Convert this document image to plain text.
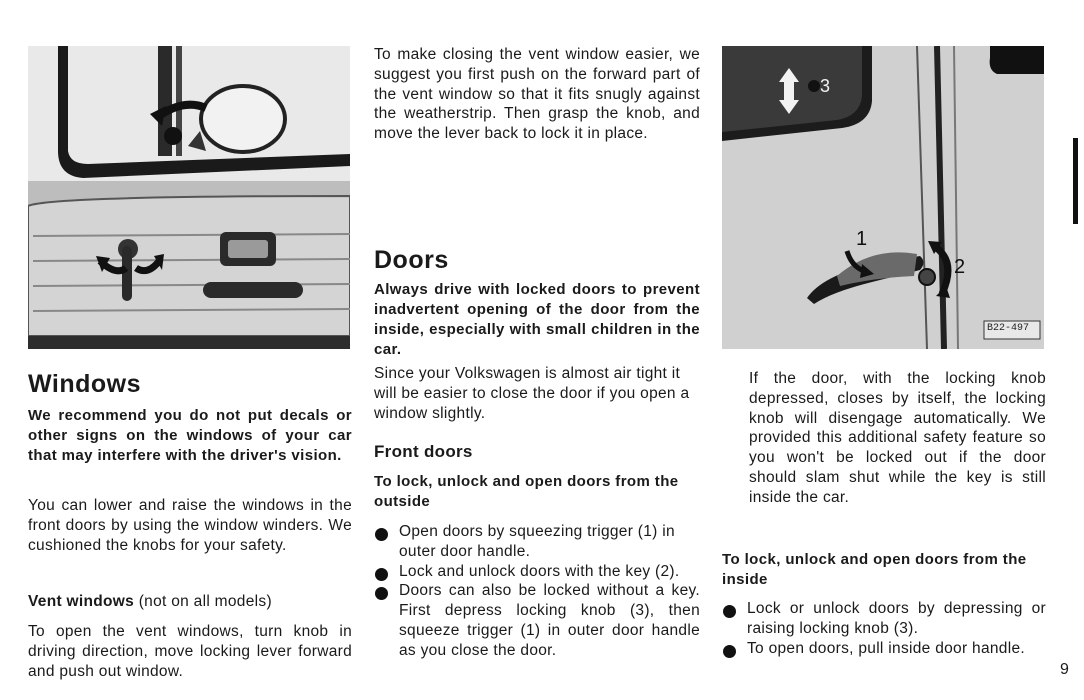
Windows
We recommend you do not put decals or other signs on the windows of your car that may interfere with the driver's vision.
You can lower and raise the windows in the front doors by using the window winders. We cushioned the knobs for your safety.
Vent windows (not on all models)
To open the vent windows, turn knob in driving direction, move locking lever forward and push out window.
To make closing the vent window easier, we suggest you first push on the forward part of the vent window so that it fits snugly against the weatherstrip. Then grasp the knob, and move the lever back to lock it in place.
Doors
Always drive with locked doors to prevent inadvertent opening of the door from the inside, especially with small children in the car.
Since your Volkswagen is almost air tight it will be easier to close the door if you open a window slightly.
Front doors
To lock, unlock and open doors from the outside
Open doors by squeezing trigger (1) in outer door handle.
Lock and unlock doors with the key (2).
Doors can also be locked without a key. First depress locking knob (3), then squeeze trigger (1) in outer door handle as you close the door.
1
2
3
B22-497
If the door, with the locking knob depressed, closes by itself, the locking knob will disengage automatically. We provided this additional safety feature so you won't be locked out if the door should slam shut while the key is still inside the car.
To lock, unlock and open doors from the inside
Lock or unlock doors by depressing or raising locking knob (3).
To open doors, pull inside door handle.
9
